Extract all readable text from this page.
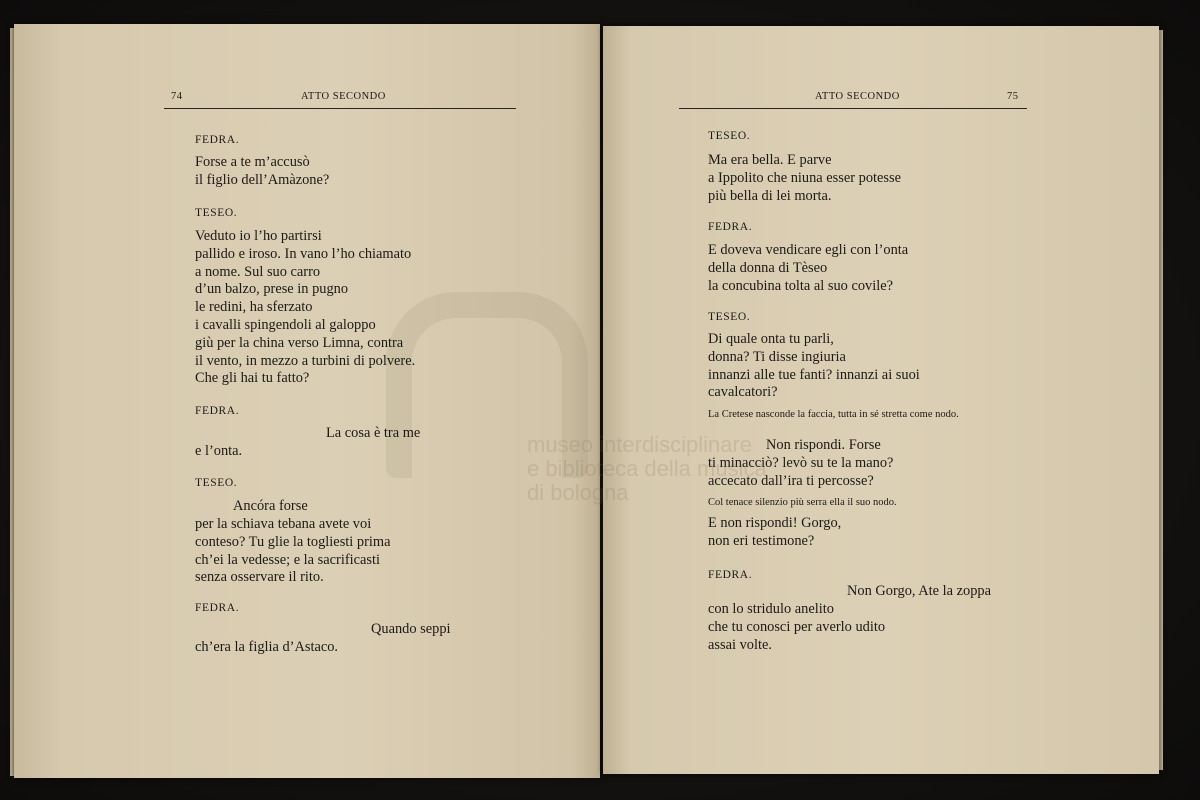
74	ATTO SECONDO
FEDRA.
Forse a te m’accusò
il figlio dell’Amàzone?
TESEO.
Veduto io l’ho partirsi
pallido e iroso. In vano l’ho chiamato
a nome. Sul suo carro
d’un balzo, prese in pugno
le redini, ha sferzato
i cavalli spingendoli al galoppo
giù per la china verso Limna, contra
il vento, in mezzo a turbini di polvere.
Che gli hai tu fatto?
FEDRA.
La cosa è tra me
e l’onta.
TESEO.
Ancóra forse
per la schiava tebana avete voi
conteso? Tu glie la togliesti prima
ch’ei la vedesse; e la sacrificasti
senza osservare il rito.
FEDRA.
Quando seppi
ch’era la figlia d’Astaco.
ATTO SECONDO	75
TESEO.
Ma era bella. E parve
a Ippolito che niuna esser potesse
più bella di lei morta.
FEDRA.
E doveva vendicare egli con l’onta
della donna di Tèseo
la concubina tolta al suo covile?
TESEO.
Di quale onta tu parli,
donna? Ti disse ingiuria
innanzi alle tue fanti? innanzi ai suoi
cavalcatori?
La Cretese nasconde la faccia, tutta in sé stretta come nodo.
Non rispondi. Forse
ti minacciò? levò su te la mano?
accecato dall’ira ti percosse?
Col tenace silenzio più serra ella il suo nodo.
E non rispondi! Gorgo,
non eri testimone?
FEDRA.
Non Gorgo, Ate la zoppa
con lo stridulo anelito
che tu conosci per averlo udito
assai volte.
museo interdisciplinare
e biblioteca della musica
di bologna
